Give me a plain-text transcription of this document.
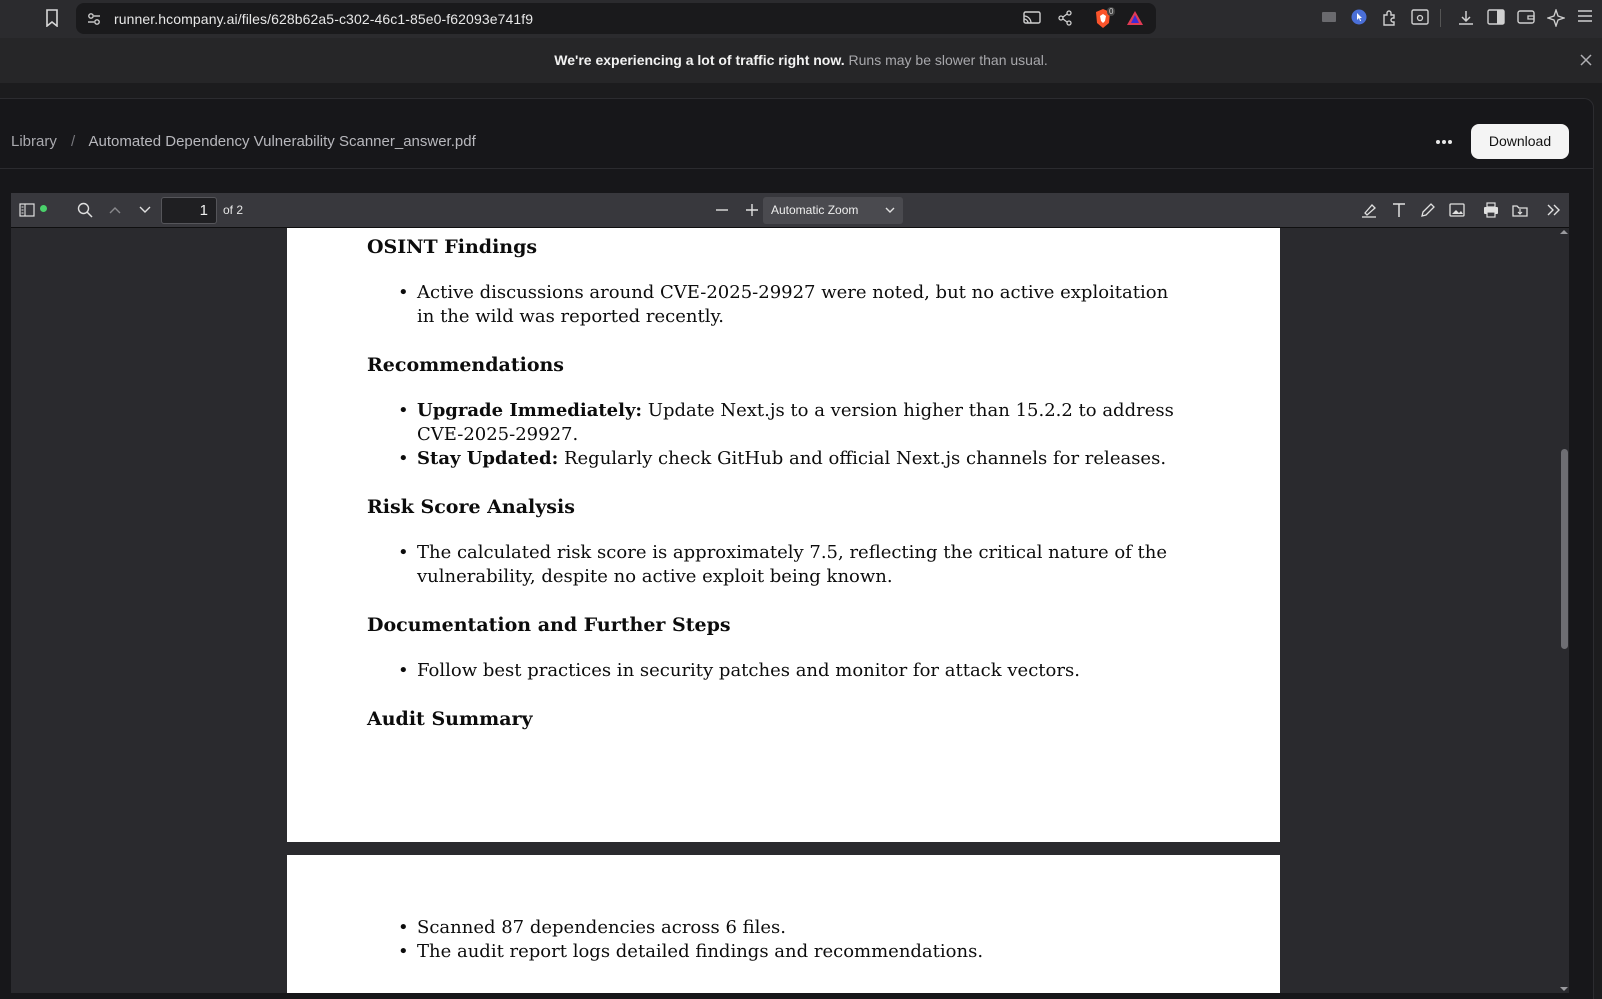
runner.hcompany.ai/files/628b62a5-c302-46c1-85e0-f62093e741f9	0
We're experiencing a lot of traffic right now. Runs may be slower than usual.
Library / Automated Dependency Vulnerability Scanner_answer.pdf	Download
1
of 2	Automatic Zoom
OSINT Findings
• Active discussions around CVE-2025-29927 were noted, but no active exploitation in the wild was reported recently.
Recommendations
• Upgrade Immediately: Update Next.js to a version higher than 15.2.2 to address CVE-2025-29927.
• Stay Updated: Regularly check GitHub and official Next.js channels for releases.
Risk Score Analysis
• The calculated risk score is approximately 7.5, reflecting the critical nature of the vulnerability, despite no active exploit being known.
Documentation and Further Steps
• Follow best practices in security patches and monitor for attack vectors.
Audit Summary
• Scanned 87 dependencies across 6 files.
• The audit report logs detailed findings and recommendations.
